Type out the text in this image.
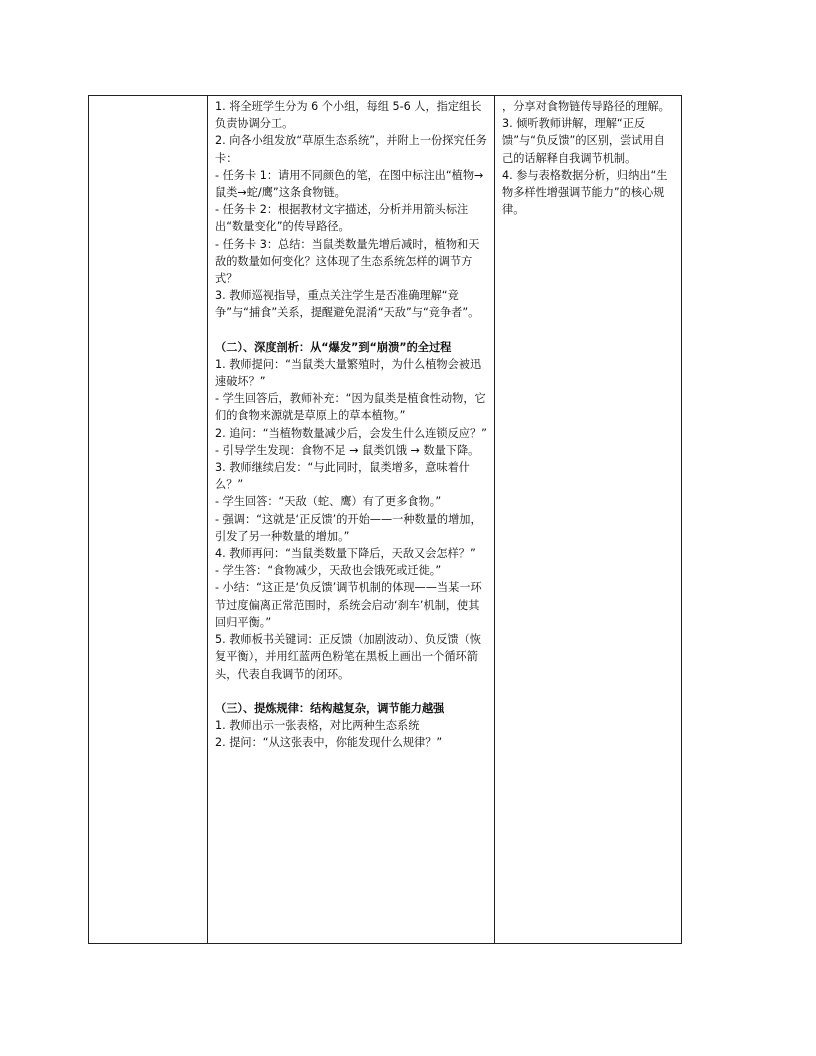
1. 将全班学生分为 6 个小组，每组 5-6 人，指定组长负责协调分工。

2. 向各小组发放“草原生态系统”，并附上一份探究任务卡：

- 任务卡 1：请用不同颜色的笔，在图中标注出“植物→鼠类→蛇/鹰”这条食物链。

- 任务卡 2：根据教材文字描述，分析并用箭头标注出“数量变化”的传导路径。

- 任务卡 3：总结：当鼠类数量先增后减时，植物和天敌的数量如何变化？这体现了生态系统怎样的调节方式？

3. 教师巡视指导，重点关注学生是否准确理解“竞争”与“捕食”关系，提醒避免混淆“天敌”与“竞争者”。

（二）、深度剖析：从“爆发”到“崩溃”的全过程

1. 教师提问：“当鼠类大量繁殖时，为什么植物会被迅速破坏？”

- 学生回答后，教师补充：“因为鼠类是植食性动物，它们的食物来源就是草原上的草本植物。”

2. 追问：“当植物数量减少后，会发生什么连锁反应？”

- 引导学生发现：食物不足 → 鼠类饥饿 → 数量下降。

3. 教师继续启发：“与此同时，鼠类增多，意味着什么？”

- 学生回答：“天敌（蛇、鹰）有了更多食物。”

- 强调：“这就是‘正反馈’的开始——一种数量的增加，引发了另一种数量的增加。”

4. 教师再问：“当鼠类数量下降后，天敌又会怎样？”

- 学生答：“食物减少，天敌也会饿死或迁徙。”

- 小结：“这正是‘负反馈’调节机制的体现——当某一环节过度偏离正常范围时，系统会启动‘刹车’机制，使其回归平衡。”

5. 教师板书关键词：正反馈（加剧波动）、负反馈（恢复平衡），并用红蓝两色粉笔在黑板上画出一个循环箭头，代表自我调节的闭环。

（三）、提炼规律：结构越复杂，调节能力越强

1. 教师出示一张表格，对比两种生态系统

2. 提问：“从这张表中，你能发现什么规律？”

，分享对食物链传导路径的理解。

3. 倾听教师讲解，理解“正反馈”与“负反馈”的区别，尝试用自己的话解释自我调节机制。

4. 参与表格数据分析，归纳出“生物多样性增强调节能力”的核心规律。
